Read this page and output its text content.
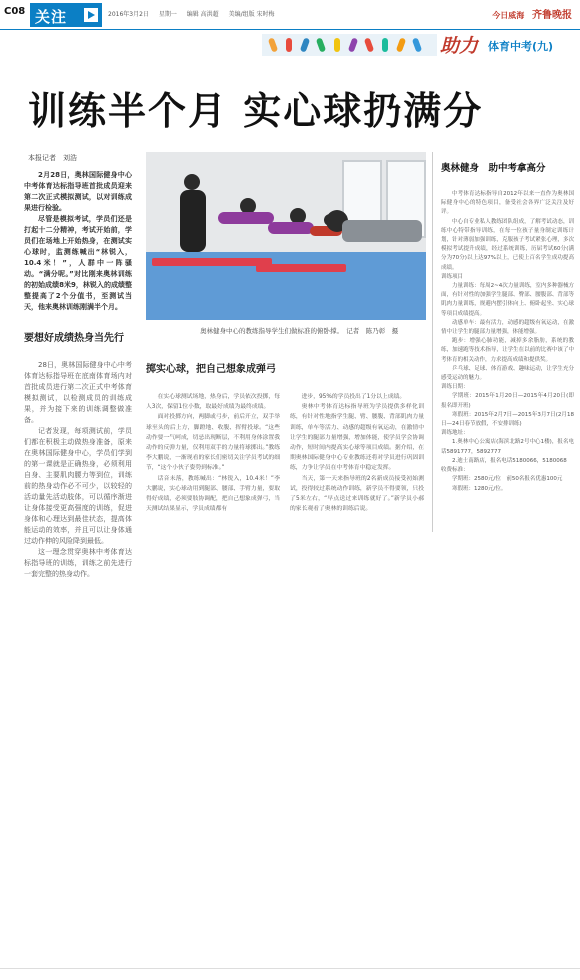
C08 关注	2016年3月2日 星期一 编辑 高洪超 美编/组版 宋时梅	今日威海 齐鲁晚报
助力 体育中考(九)
训练半个月 实心球扔满分
本报记者　刘浩

2月28日，奥林国际健身中心中考体育达标指导班首批成员迎来第二次正式模拟测试，以对训练成果进行检验。

尽管是模拟考试，学员们还是打起十二分精神，考试开始前，学员们在场地上开始热身，在测试实心球时，监测练喊出“林锐入，10.4米！”，人群中一阵骚动。“满分呢。”对比刚来奥林训练的初始成绩8米9，林锐入的成绩整整提高了2个分值书，至测试当天，他来奥林训练刚满半个月。

要想好成绩热身当先行

28日，奥林国际健身中心中考体育达标指导班在底南体育场内对首批成员进行第二次正式中考体育模拟测试，以检测成员的训练成果，并为接下来的训练调整做准备。

记者发现，每项测试前，学员们都在积极主动做热身准备，原来在奥林国际健身中心，学员们学到的第一课就是正确热身，必须利用自身、主要肌肉腰力等到位，训练前的热身动作必不可少，以较轻的活动量先活动肢体，可以循序渐进让身体接受更高强度的训练，促进身体和心理达到最佳状态，提高体能运动的效率，并且可以让身体通过动作伸的风险降到最低。

这一理念贯穿奥林中考体育达标指导班的训练，训练之前先进行一套完整的热身动作。

奥林健身中心的教练指导学生们做标准的俯卧撑。　记者　陈乃彰　摄
掷实心球，把自己想象成弹弓

在实心球测试场地，热身后，学员依次投掷，每人3次，保留1位小数，取最好成绩为最终成绩。

面对投掷方向，两脚或弓步，前后开立，双手举球至头的后上方，脚蹬地、收腹、挥臂投球。“这些动作要一气呵成，切忌出现断层，不利用身体涂置我动作的反弹力量，仅利用双手的力量将球掷出。”教练李大鹏说，一渐现看的家长们密切关注学员考试的细节，“这个小伙子姿势到标准。”

话音未落，教练喊出：“林锐入，10.4米！”李大鹏说，实心球动用到腿部、腰部、手臂力量，要取得好成绩，必须要肢协调配，把自己想象成弹弓，当天测试结果显示，学员成绩都有

进步，95%的学员投出了1分以上成绩。

奥林中考体育达标指导班为学员提供多样化训练，有针对性地指学生腿、臂、腰腹、背部肌肉力量训练，单车等活力、动感的超级有氧运动，在激情中让学生的腿部力量增强，增加体能，使学员学会协调动作，短时间内提高实心球等项目成绩。据介绍，在期奥林国际健身中心专业教练还将对学员进行巩固训练，力争让学员在中考体育中稳定发挥。

当天，第一天来指导班的2名新成员接受初始测试，投得较过系统动作训练，新学员不得要领，只投了5米左右，“早点送过来训练就好了。”新学员小郝的家长观看了奥林的训练后说。

奥林健身　助中考拿高分

中考体育达标指导自2012年以来一直作为奥林国际健身中心的特色项目，备受社会各界广泛关注及好评。

中心自专业私人教练团队组成，了解考试动态，训练中心特带指导训练，在每一位孩子量身制定训练计划，针对薄弱加强训练，克服孩子考试紧张心理，多次模拟考试提升成绩，经过系统训练，历届考试60分(满分为70分)以上达97%以上，已使上百名学生成功提高成绩。

训练项目

力量训练：每周2~4次力量训练，室内多种器械方面，有针对性的加强学生腿部、臀部、腰腹部、背部等肌肉力量训练，规避内摆引体向上、俯卧起坐、实心球等项目成绩提高。

动感单车：最有活力，动感的超级有氧运动，在激情中让学生的腿部力量增强，体能增强。

跑步：增强心肺功能，减掉多余脂肪，系统的教练，加速跑等技术指导，让学生在以前的比赛中该了中考体育的相关动作，力求提高成绩和提供奖。

乒乓球、足球、体育游戏、趣味运动，让学生充分感受运动的魅力。

训练日期：

学期班：2015年1月20日—2015年4月20日(即报名即开班)

寒假班：2015年2月7日—2015年3月7日(2月18日—24日春节放假，不安排训练)

训练地址：

1.奥林中心公寓店(海滨北路2号中心1楼)，报名电话5891777，5892777

2.迪士南路店，报名电话5180066，5180068

收费标准：

学期班：2580元/位　前50名报名优惠100元

寒假班：1280元/位。
